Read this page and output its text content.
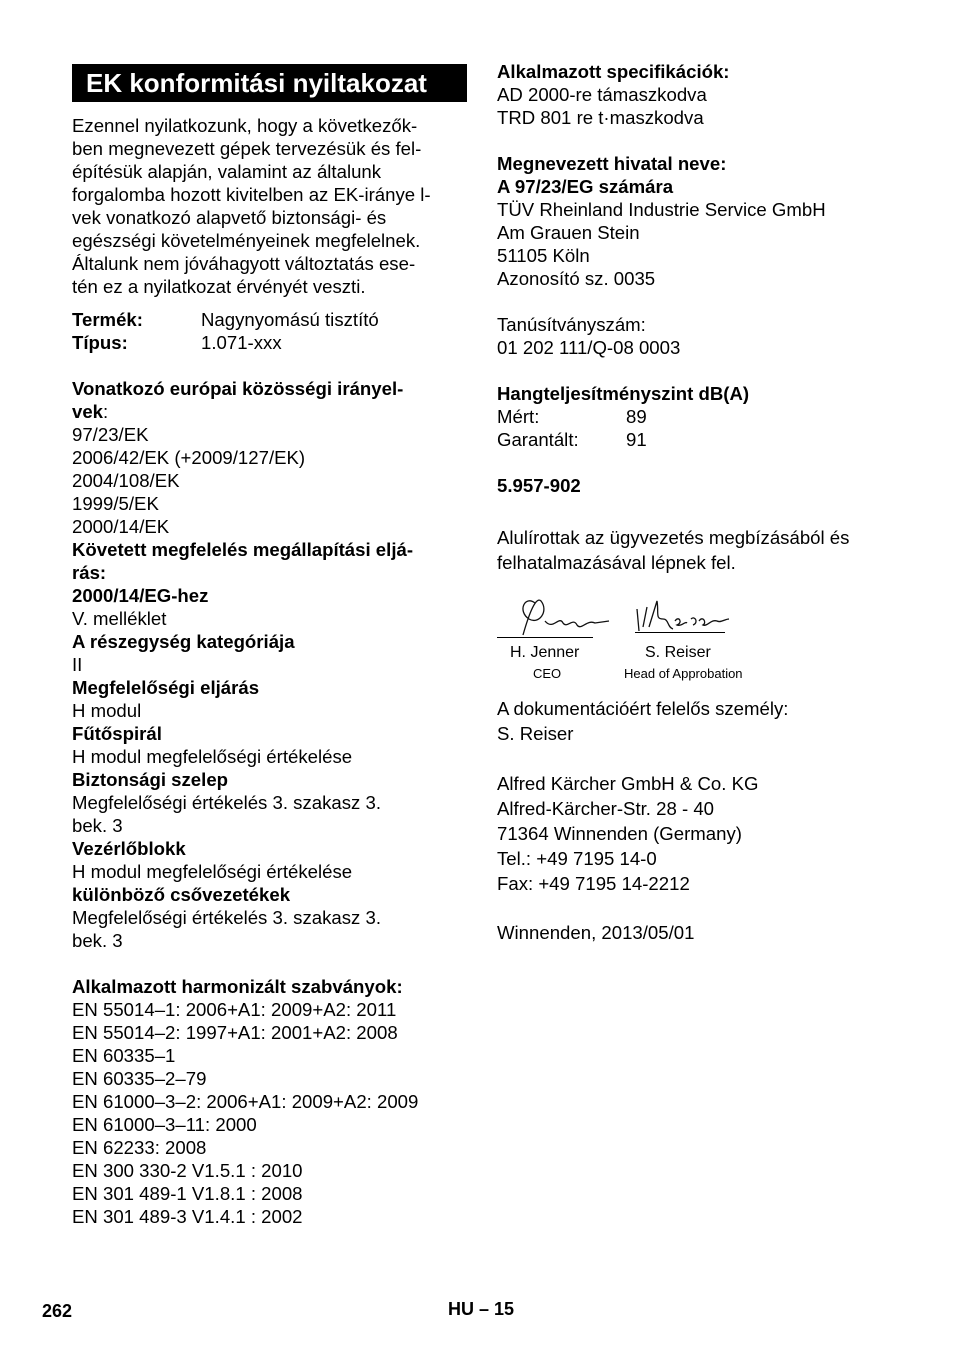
EK konformitási nyiltakozat
Ezennel nyilatkozunk, hogy a következők-
ben megnevezett gépek tervezésük és fel-
építésük alapján, valamint az általunk
forgalomba hozott kivitelben az EK-iránye l-
vek vonatkozó alapvető biztonsági- és
egészségi követelményeinek megfelelnek.
Általunk nem jóváhagyott változtatás ese-
tén ez a nyilatkozat érvényét veszti.
Termék:	Nagynyomású tisztító
Típus:	1.071-xxx
Vonatkozó európai közösségi irányel-
vek:
97/23/EK
2006/42/EK (+2009/127/EK)
2004/108/EK
1999/5/EK
2000/14/EK
Követett megfelelés megállapítási eljá-
rás:
2000/14/EG-hez
V. melléklet
A részegység kategóriája
II
Megfelelőségi eljárás
H modul
Fűtőspirál
H modul megfelelőségi értékelése
Biztonsági szelep
Megfelelőségi értékelés 3. szakasz 3.
bek. 3
Vezérlőblokk
H modul megfelelőségi értékelése
különböző csővezetékek
Megfelelőségi értékelés 3. szakasz 3.
bek. 3
Alkalmazott harmonizált szabványok:
EN 55014–1: 2006+A1: 2009+A2: 2011
EN 55014–2: 1997+A1: 2001+A2: 2008
EN 60335–1
EN 60335–2–79
EN 61000–3–2: 2006+A1: 2009+A2: 2009
EN 61000–3–11: 2000
EN 62233: 2008
EN 300 330-2 V1.5.1 : 2010
EN 301 489-1 V1.8.1 : 2008
EN 301 489-3 V1.4.1 : 2002
Alkalmazott specifikációk:
AD 2000-re támaszkodva
TRD 801 re t·maszkodva
Megnevezett hivatal neve:
A 97/23/EG számára
TÜV Rheinland Industrie Service GmbH
Am Grauen Stein
51105 Köln
Azonosító sz. 0035
Tanúsítványszám:
01 202 111/Q-08 0003
Hangteljesítményszint dB(A)
Mért:	89
Garantált:	91
5.957-902
Alulírottak az ügyvezetés megbízásából és
felhatalmazásával lépnek fel.
H. Jenner
CEO
S. Reiser
Head of Approbation
A dokumentációért felelős személy:
S. Reiser
Alfred Kärcher GmbH & Co. KG
Alfred-Kärcher-Str. 28 - 40
71364 Winnenden (Germany)
Tel.: +49 7195 14-0
Fax: +49 7195 14-2212
Winnenden, 2013/05/01
262	HU – 15
